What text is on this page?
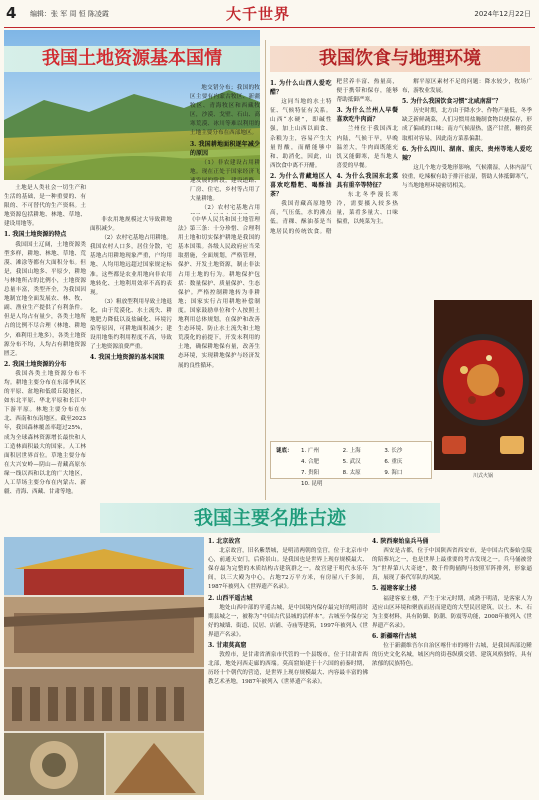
4 编辑：张 军 周 恒 陈凌霞	大千世界	2024年12月22日
我国土地资源基本国情

土地是人类社会一切生产和生活的基础，是一种重要的、有限的、不可替代的生产资料。土地资源包括耕地、林地、草地、建设用地等。

1. 我国土地资源的特点

我国国土辽阔，土地资源类型多样，耕地、林地、草地、荒漠、滩涂等都有大面积分布。但是，我国山地多、平原少，耕地与林地所占的比例小，土地资源总量丰富，类型齐全，为我国因地制宜地全面发展农、林、牧、副、渔业生产提供了有利条件。但是人均占有量少，各类土地所占的比例不尽合理（林地、耕地少，难利用土地多），各类土地资源分布不均，人均占有耕地资源匮乏。

2. 我国土地资源的分布

我国各类土地资源分布不均。耕地主要分布在东部季风区的平原、盆地和低缓丘陵地区，如东北平原、华北平原和长江中下游平原。林地主要分布在东北、西南和东南地区。截至2023年，我国森林覆盖率超过25%，成为全球森林资源增长最快和人工造林面积最大的国家。人工林面积居世界首位。草地主要分布在大兴安岭—阴山—青藏高原东缘一线以西和以北的广大地区，人工草场主要分布在内蒙古、新疆、青海、西藏、甘肃等地。

地交错分布；我国的牧区主要有内蒙古牧区、新疆牧区、青海牧区和西藏牧区，沙漠、戈壁、石山、高寒荒漠、冰川等难以利用的土地主要分布在西部地区。

3. 我国耕地面积逐年减少的原因

（1）非农建设占用耕地。现在正处于国家经济飞速发展的阶段，建设道路、厂房、住宅，乡村等占用了大量耕地。

（2）农村宅基地占用

非农用地规模过大导致耕地面积减少。

（2）农村宅基地占用耕地。我国农村人口多，居住分散，宅基地占用耕地现象严重，户均用地、人均用地远超过国家规定标准。这些都是农业用地向非农用地转化、土地利用效率不高的表现。

（3）粗放型利用导致土地退化，由于荒漠化、水土流失、耕地肥力降低以及盐碱化、环境污染等原因，可耕地面积减少；建设用地集约利用程度不高，导致了土地资源浪费严重。

4. 我国土地资源的基本国策

《中华人民共和国土地管理法》第三条：十分珍惜、合理利用土地和切实保护耕地是我国的基本国策。各级人民政府应当采取措施，全面规划，严格管理，保护、开发土地资源，制止非法占用土地的行为。耕地保护包括：数量保护、质量保护、生态保护。严格控制耕地转为非耕地；国家实行占用耕地补偿制度。国家鼓励单位和个人按照土地利用总体规划，在保护和改善生态环境、防止水土流失和土地荒漠化的前提下，开发未利用的土地，确保耕地保有量，改善生态环境，实现耕地保护与经济发展的良性循环。

我国饮食与地理环境
1. 为什么山西人爱吃醋？

这同当地的水土特征、气候特征有关系。山西“水硬”，即碱性强，加上山西以面食、杂粮为主，容易产生大量胃酸，而醋能够中和、助消化，因此，山西饮食中离不开醋。

2. 为什么青藏地区人喜欢吃糌粑、喝酥油茶？

我国青藏高原地势高，气压低，水的沸点低。青稞、酥油茶是当地居民的传统饮食。糌粑营养丰富、热量高，便于携带和保存，能够帮助抵御严寒。

3. 为什么兰州人早餐喜欢吃牛肉面？

兰州位于我国西北内陆，气候干旱，早晚温差大，牛肉面既能充饥又能御寒，是当地人喜爱的早餐。

4. 为什么我国东北菜具有重辛等特征？

东北冬季漫长寒冷，需要摄入较多热量，菜肴多量大、口味偏重，以炖菜为主。

解平原区素材不足的问题：降水较少，牧场广布，游牧业发展。

5. 为什么我国饮食习惯“北咸南甜”？

历史时期，北方由于降水少、作物产量低，冬季缺乏新鲜蔬菜，人们习惯用盐腌制食物以便保存，形成了偏咸的口味；南方气候湿热，盛产甘蔗，糖的获取相对容易，因此南方菜系偏甜。

6. 为什么四川、湖南、重庆、贵州等地人爱吃辣？

这几个地方受地形影响，气候潮湿，人体内湿气较重，吃辣椒有助于排汗祛湿，帮助人体抵御寒气，与当地地理环境密切相关。

川式火锅
谜底： 1. 广州	2. 上海	3. 长沙
4. 合肥	5. 武汉	6. 重庆
7. 贵阳	8. 太原	9. 海口
10. 昆明
我国主要名胜古迹
1. 北京故宫

北京故宫，旧名紫禁城，是明清两朝的皇宫，位于北京市中心，前通天安门，后倚景山。是我国也是世界上现存规模最大、保存最为完整的木质结构古建筑群之一。故宫建于明代永乐年间，以三大殿为中心，占地72万平方米，有房屋八千多间，1987年被列入《世界遗产名录》。

2. 山西平遥古城

地处山西中部的平遥古城，是中国境内保存最完好的明清时期县城之一，被称为“中国古代县城的活样本”。古城至今保存完好的城墙、街道、民居、店铺、寺庙等建筑，1997年被列入《世界遗产名录》。

3. 甘肃莫高窟

敦煌市，是甘肃省酒泉市代管的一个县级市，位于甘肃省西北部，地处河西走廊的西端。莫高窟始建于十六国的前秦时期，历经十个朝代的营造，是世界上现存规模最大、内容最丰富的佛教艺术圣地，1987年被列入《世界遗产名录》。

4. 陕西秦始皇兵马俑

西安是古都，位于中国陕西省西安市，是中国古代秦始皇陵的陪葬坑之一，也是世界上最重要的考古发现之一。兵马俑被誉为“世界第八大奇迹”，数千件陶俑陶马按照军阵排列，形象逼真，展现了秦代军队的风貌。

5. 福建客家土楼

福建客家土楼，产生于宋元时期，成熟于明清，是客家人为适应山区环境和聚族而居而建造的大型民居建筑，以土、木、石为主要材料，具有防御、防潮、防震等功能，2008年被列入《世界遗产名录》。

6. 新疆喀什古城

位于新疆维吾尔自治区喀什市的喀什古城，是我国西部边陲的历史文化名城，城区内的街巷纵横交错、建筑风格独特，具有浓郁的民族特色。
